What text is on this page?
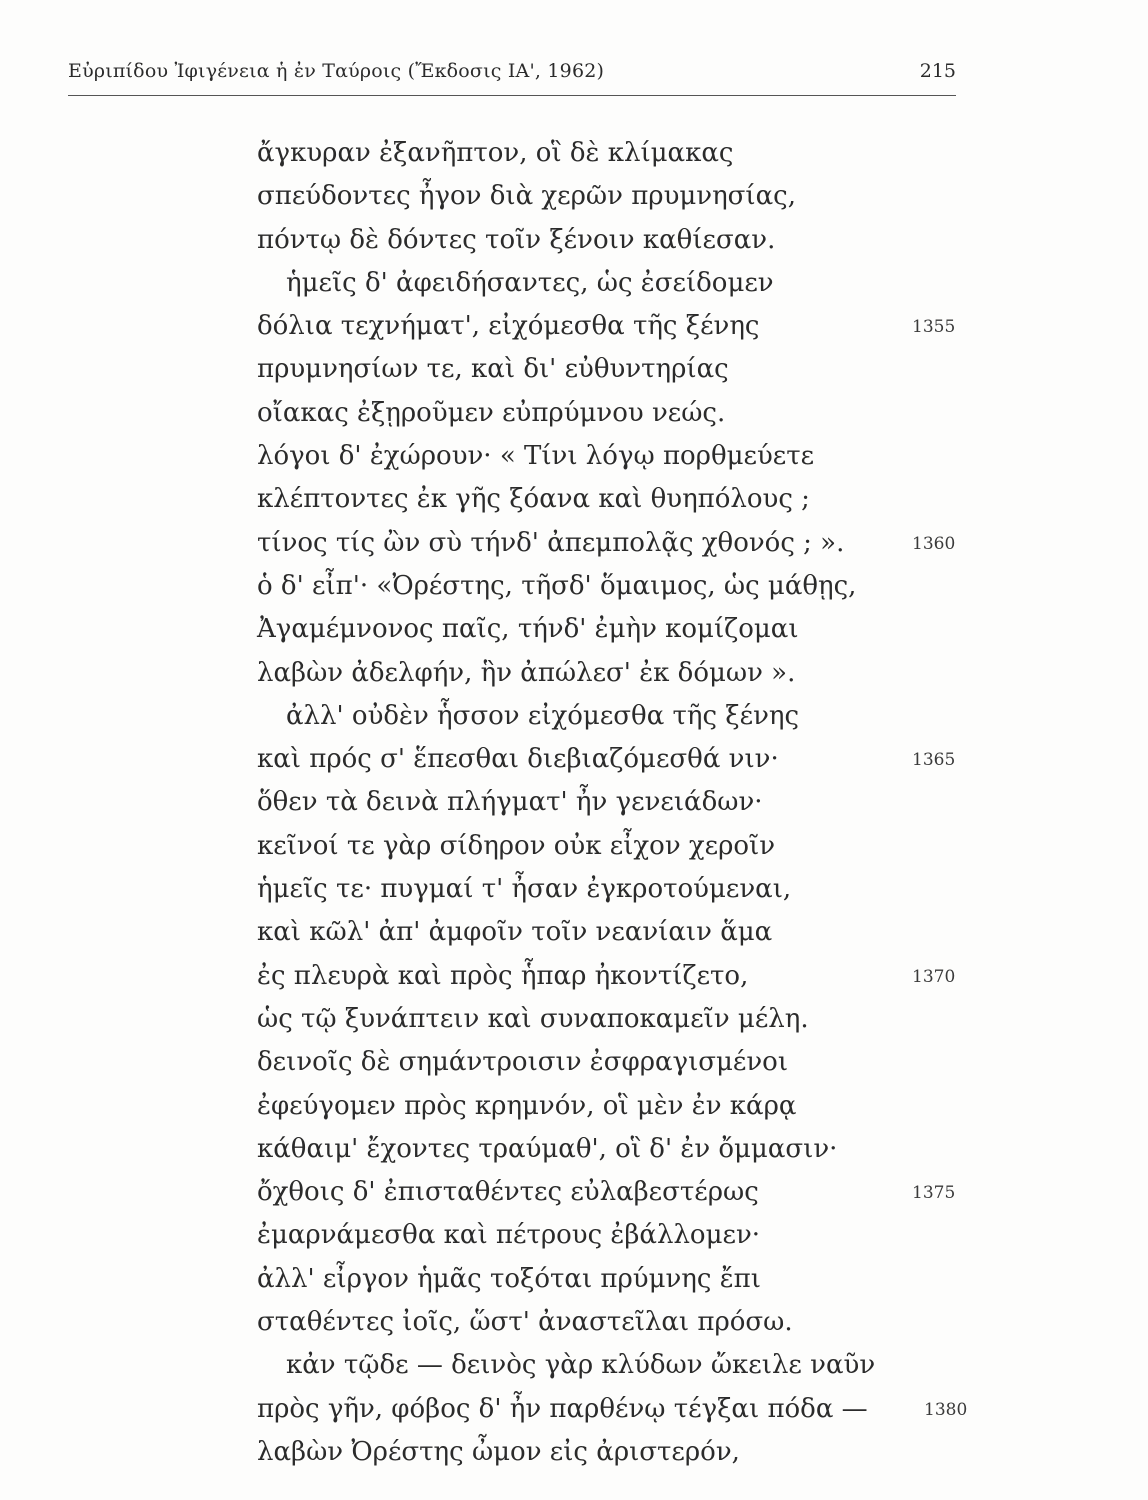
Εὐριπίδου Ἰφιγένεια ἡ ἐν Ταύροις (Ἔκδοσις ΙΑ', 1962)	215
ἄγκυραν ἐξανῆπτον, οἳ δὲ κλίμακας
σπεύδοντες ἦγον διὰ χερῶν πρυμνησίας,
πόντῳ δὲ δόντες τοῖν ξένοιν καθίεσαν.
ἡμεῖς δ' ἀφειδήσαντες, ὡς ἐσείδομεν
δόλια τεχνήματ', εἰχόμεσθα τῆς ξένης	1355
πρυμνησίων τε, καὶ δι' εὐθυντηρίας
οἴακας ἐξῃροῦμεν εὐπρύμνου νεώς.
λόγοι δ' ἐχώρουν· « Τίνι λόγῳ πορθμεύετε
κλέπτοντες ἐκ γῆς ξόανα καὶ θυηπόλους ;
τίνος τίς ὢν σὺ τήνδ' ἀπεμπολᾷς χθονός ; ».	1360
ὁ δ' εἶπ'· «Ὀρέστης, τῆσδ' ὅμαιμος, ὡς μάθῃς,
Ἀγαμέμνονος παῖς, τήνδ' ἐμὴν κομίζομαι
λαβὼν ἀδελφήν, ἣν ἀπώλεσ' ἐκ δόμων ».
ἀλλ' οὐδὲν ἧσσον εἰχόμεσθα τῆς ξένης
καὶ πρός σ' ἕπεσθαι διεβιαζόμεσθά νιν·	1365
ὅθεν τὰ δεινὰ πλήγματ' ἦν γενειάδων·
κεῖνοί τε γὰρ σίδηρον οὐκ εἶχον χεροῖν
ἡμεῖς τε· πυγμαί τ' ἦσαν ἐγκροτούμεναι,
καὶ κῶλ' ἀπ' ἀμφοῖν τοῖν νεανίαιν ἅμα
ἐς πλευρὰ καὶ πρὸς ἧπαρ ἠκοντίζετο,	1370
ὡς τῷ ξυνάπτειν καὶ συναποκαμεῖν μέλη.
δεινοῖς δὲ σημάντροισιν ἐσφραγισμένοι
ἐφεύγομεν πρὸς κρημνόν, οἳ μὲν ἐν κάρᾳ
κάθαιμ' ἔχοντες τραύμαθ', οἳ δ' ἐν ὄμμασιν·
ὄχθοις δ' ἐπισταθέντες εὐλαβεστέρως	1375
ἐμαρνάμεσθα καὶ πέτρους ἐβάλλομεν·
ἀλλ' εἶργον ἡμᾶς τοξόται πρύμνης ἔπι
σταθέντες ἰοῖς, ὥστ' ἀναστεῖλαι πρόσω.
κἀν τῷδε — δεινὸς γὰρ κλύδων ὤκειλε ναῦν
πρὸς γῆν, φόβος δ' ἦν παρθένῳ τέγξαι πόδα —	1380
λαβὼν Ὀρέστης ὦμον εἰς ἀριστερόν,
